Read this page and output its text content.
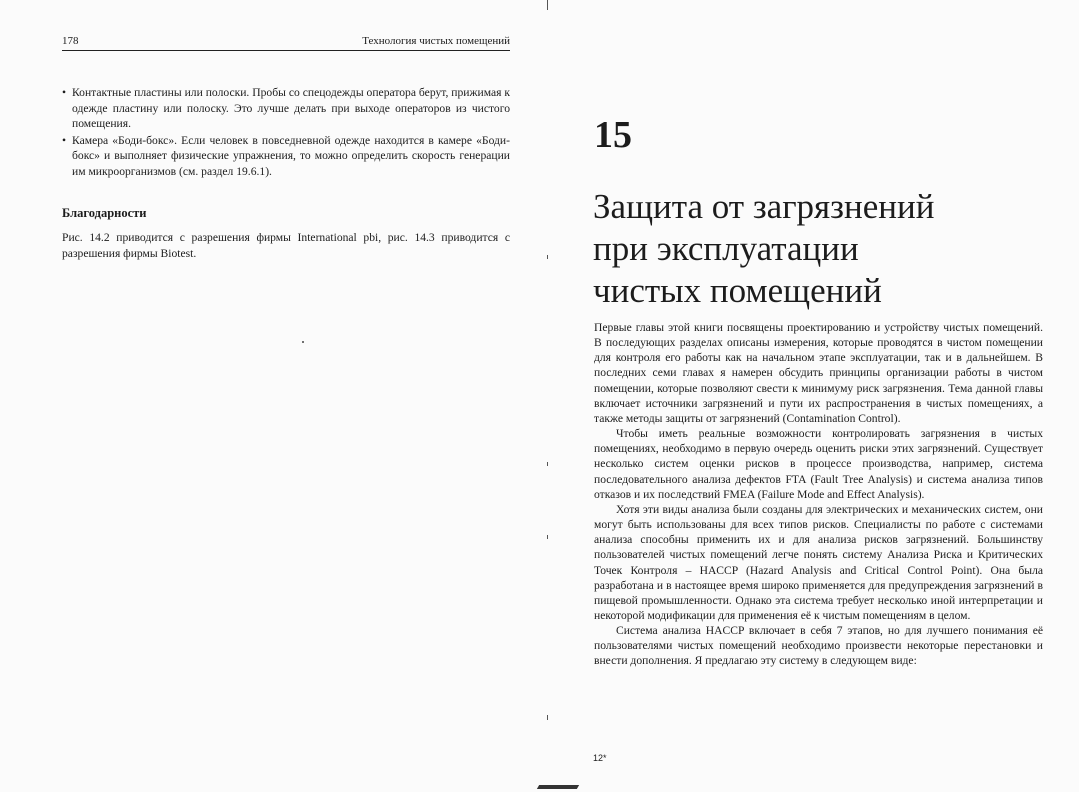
178	Технология чистых помещений
• Контактные пластины или полоски. Пробы со спецодежды оператора берут, прижимая к одежде пластину или полоску. Это лучше делать при выходе операторов из чистого помещения.
• Камера «Боди-бокс». Если человек в повседневной одежде находится в камере «Боди-бокс» и выполняет физические упражнения, то можно определить скорость генерации им микроорганизмов (см. раздел 19.6.1).
Благодарности

Рис. 14.2 приводится с разрешения фирмы International pbi, рис. 14.3 приводится с разрешения фирмы Biotest.

15
Защита от загрязнений
при эксплуатации
чистых помещений

Первые главы этой книги посвящены проектированию и устройству чистых помещений. В последующих разделах описаны измерения, которые проводятся в чистом помещении для контроля его работы как на начальном этапе эксплуатации, так и в дальнейшем. В последних семи главах я намерен обсудить принципы организации работы в чистом помещении, которые позволяют свести к минимуму риск загрязнения. Тема данной главы включает источники загрязнений и пути их распространения в чистых помещениях, а также методы защиты от загрязнений (Contamination Control).

Чтобы иметь реальные возможности контролировать загрязнения в чистых помещениях, необходимо в первую очередь оценить риски этих загрязнений. Существует несколько систем оценки рисков в процессе производства, например, система последовательного анализа дефектов FTA (Fault Tree Analysis) и система анализа типов отказов и их последствий FMEA (Failure Mode and Effect Analysis).

Хотя эти виды анализа были созданы для электрических и механических систем, они могут быть использованы для всех типов рисков. Специалисты по работе с системами анализа способны применить их и для анализа рисков загрязнений. Большинству пользователей чистых помещений легче понять систему Анализа Риска и Критических Точек Контроля – HACCP (Hazard Analysis and Critical Control Point). Она была разработана и в настоящее время широко применяется для предупреждения загрязнений в пищевой промышленности. Однако эта система требует несколько иной интерпретации и некоторой модификации для применения её к чистым помещениям в целом.

Система анализа HACCP включает в себя 7 этапов, но для лучшего понимания её пользователями чистых помещений необходимо произвести некоторые перестановки и внести дополнения. Я предлагаю эту систему в следующем виде:

12*
